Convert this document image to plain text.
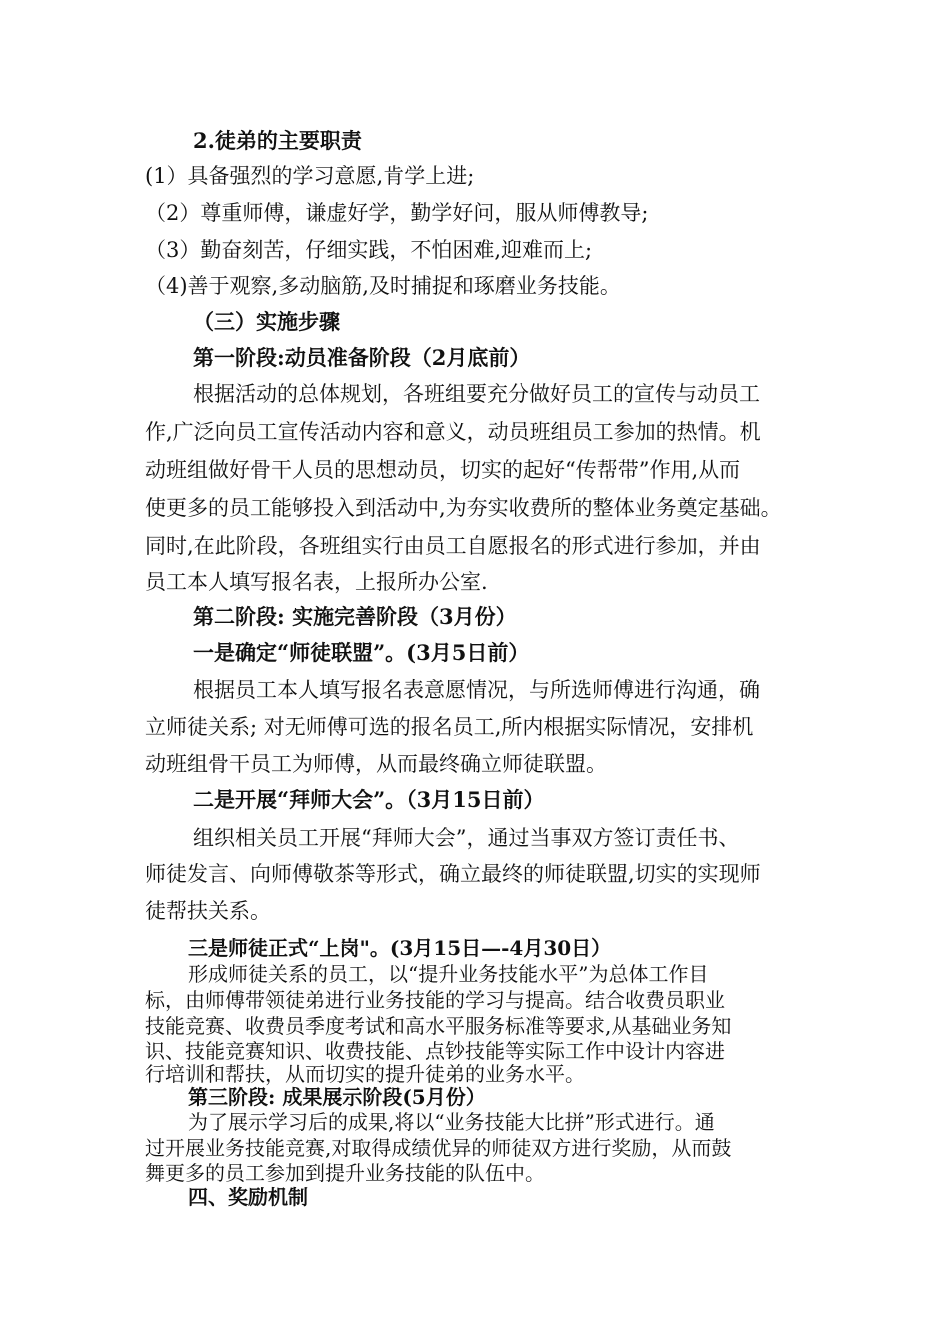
2.徒弟的主要职责
(1）具备强烈的学习意愿,肯学上进;
（2）尊重师傅，谦虚好学，勤学好问，服从师傅教导;
（3）勤奋刻苦，仔细实践，不怕困难,迎难而上;
（4)善于观察,多动脑筋,及时捕捉和琢磨业务技能。
（三）实施步骤
第一阶段:动员准备阶段（2月底前）
根据活动的总体规划，各班组要充分做好员工的宣传与动员工
作,广泛向员工宣传活动内容和意义，动员班组员工参加的热情。机
动班组做好骨干人员的思想动员，切实的起好“传帮带”作用,从而
使更多的员工能够投入到活动中,为夯实收费所的整体业务奠定基础。
同时,在此阶段，各班组实行由员工自愿报名的形式进行参加，并由
员工本人填写报名表，上报所办公室.
第二阶段: 实施完善阶段（3月份）
一是确定“师徒联盟”。(3月5日前）
根据员工本人填写报名表意愿情况，与所选师傅进行沟通，确
立师徒关系; 对无师傅可选的报名员工,所内根据实际情况，安排机
动班组骨干员工为师傅，从而最终确立师徒联盟。
二是开展“拜师大会”。（3月15日前）
组织相关员工开展“拜师大会”，通过当事双方签订责任书、
师徒发言、向师傅敬茶等形式，确立最终的师徒联盟,切实的实现师
徒帮扶关系。
三是师徒正式“上岗"。(3月15日—-4月30日）
形成师徒关系的员工，以“提升业务技能水平”为总体工作目
标，由师傅带领徒弟进行业务技能的学习与提高。结合收费员职业
技能竞赛、收费员季度考试和高水平服务标准等要求,从基础业务知
识、技能竞赛知识、收费技能、点钞技能等实际工作中设计内容进
行培训和帮扶，从而切实的提升徒弟的业务水平。
第三阶段: 成果展示阶段(5月份）
为了展示学习后的成果,将以“业务技能大比拼”形式进行。通
过开展业务技能竞赛,对取得成绩优异的师徒双方进行奖励，从而鼓
舞更多的员工参加到提升业务技能的队伍中。
四、奖励机制
